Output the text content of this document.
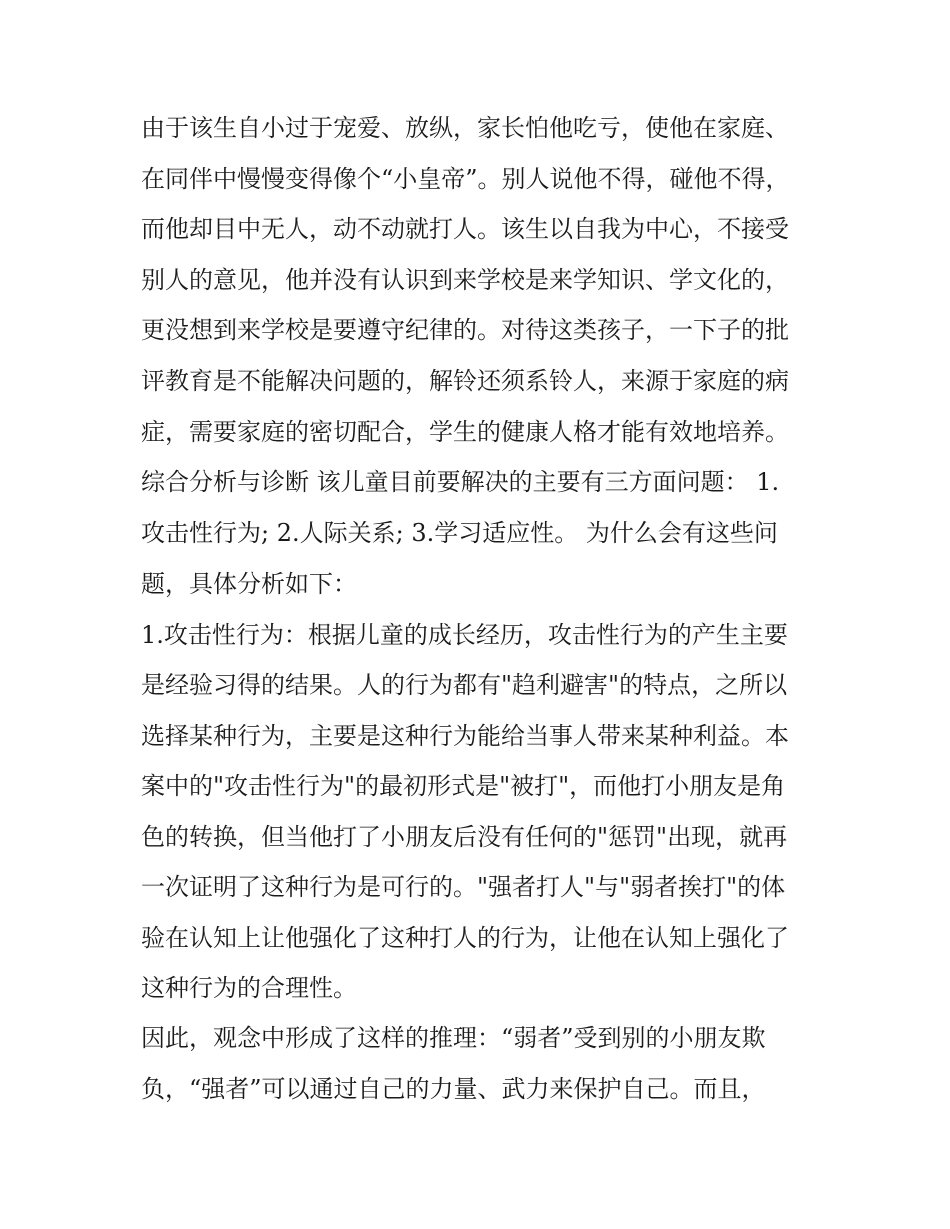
由于该生自小过于宠爱、放纵，家长怕他吃亏，使他在家庭、

在同伴中慢慢变得像个“小皇帝”。别人说他不得，碰他不得，

而他却目中无人，动不动就打人。该生以自我为中心，不接受

别人的意见，他并没有认识到来学校是来学知识、学文化的，

更没想到来学校是要遵守纪律的。对待这类孩子，一下子的批

评教育是不能解决问题的，解铃还须系铃人，来源于家庭的病

症，需要家庭的密切配合，学生的健康人格才能有效地培养。

综合分析与诊断 该儿童目前要解决的主要有三方面问题： 1.

攻击性行为; 2.人际关系; 3.学习适应性。 为什么会有这些问

题，具体分析如下：

1.攻击性行为：根据儿童的成长经历，攻击性行为的产生主要

是经验习得的结果。人的行为都有"趋利避害"的特点，之所以

选择某种行为，主要是这种行为能给当事人带来某种利益。本

案中的"攻击性行为"的最初形式是"被打"，而他打小朋友是角

色的转换，但当他打了小朋友后没有任何的"惩罚"出现，就再

一次证明了这种行为是可行的。"强者打人"与"弱者挨打"的体

验在认知上让他强化了这种打人的行为，让他在认知上强化了

这种行为的合理性。

因此，观念中形成了这样的推理：“弱者”受到别的小朋友欺

负，“强者”可以通过自己的力量、武力来保护自己。而且，
